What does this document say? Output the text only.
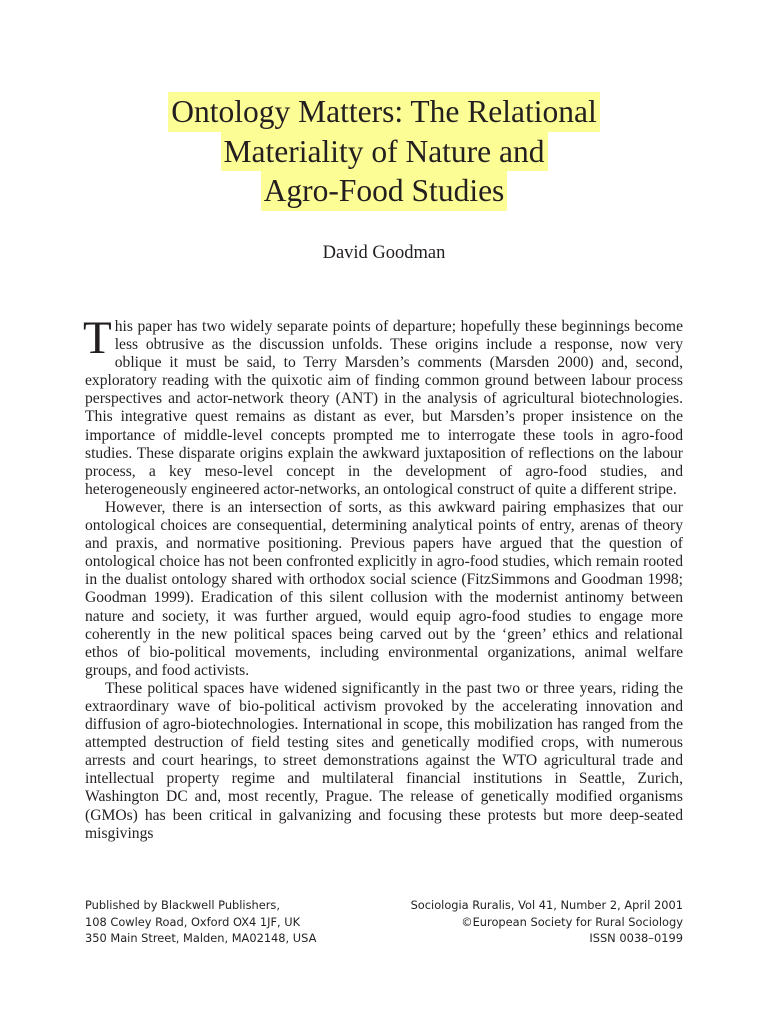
Ontology Matters: The Relational
Materiality of Nature and
Agro-Food Studies
David Goodman

This paper has two widely separate points of departure; hopefully these beginnings become less obtrusive as the discussion unfolds. These origins include a response, now very oblique it must be said, to Terry Marsden’s comments (Marsden 2000) and, second, exploratory reading with the quixotic aim of finding common ground between labour process perspectives and actor-network theory (ANT) in the analysis of agricultural biotechnologies. This integrative quest remains as distant as ever, but Marsden’s proper insistence on the importance of middle-level concepts prompted me to interrogate these tools in agro-food studies. These disparate origins explain the awkward juxtaposition of reflections on the labour process, a key meso-level concept in the development of agro-food studies, and heterogeneously engineered actor-networks, an ontological construct of quite a different stripe.

However, there is an intersection of sorts, as this awkward pairing emphasizes that our ontological choices are consequential, determining analytical points of entry, arenas of theory and praxis, and normative positioning. Previous papers have argued that the question of ontological choice has not been confronted explicitly in agro-food studies, which remain rooted in the dualist ontology shared with orthodox social science (FitzSimmons and Goodman 1998; Goodman 1999). Eradication of this silent collusion with the modernist antinomy between nature and society, it was further argued, would equip agro-food studies to engage more coherently in the new political spaces being carved out by the ‘green’ ethics and relational ethos of bio-political movements, including environmental organizations, animal welfare groups, and food activists.

These political spaces have widened significantly in the past two or three years, riding the extraordinary wave of bio-political activism provoked by the accelerating innovation and diffusion of agro-biotechnologies. International in scope, this mobilization has ranged from the attempted destruction of field testing sites and genetically modified crops, with numerous arrests and court hearings, to street demonstrations against the WTO agricultural trade and intellectual property regime and multilateral financial institutions in Seattle, Zurich, Washington DC and, most recently, Prague. The release of genetically modified organisms (GMOs) has been critical in galvanizing and focusing these protests but more deep-seated misgivings

Published by Blackwell Publishers,
108 Cowley Road, Oxford OX4 1JF, UK
350 Main Street, Malden, MA02148, USA
Sociologia Ruralis, Vol 41, Number 2, April 2001
©European Society for Rural Sociology
ISSN 0038–0199
